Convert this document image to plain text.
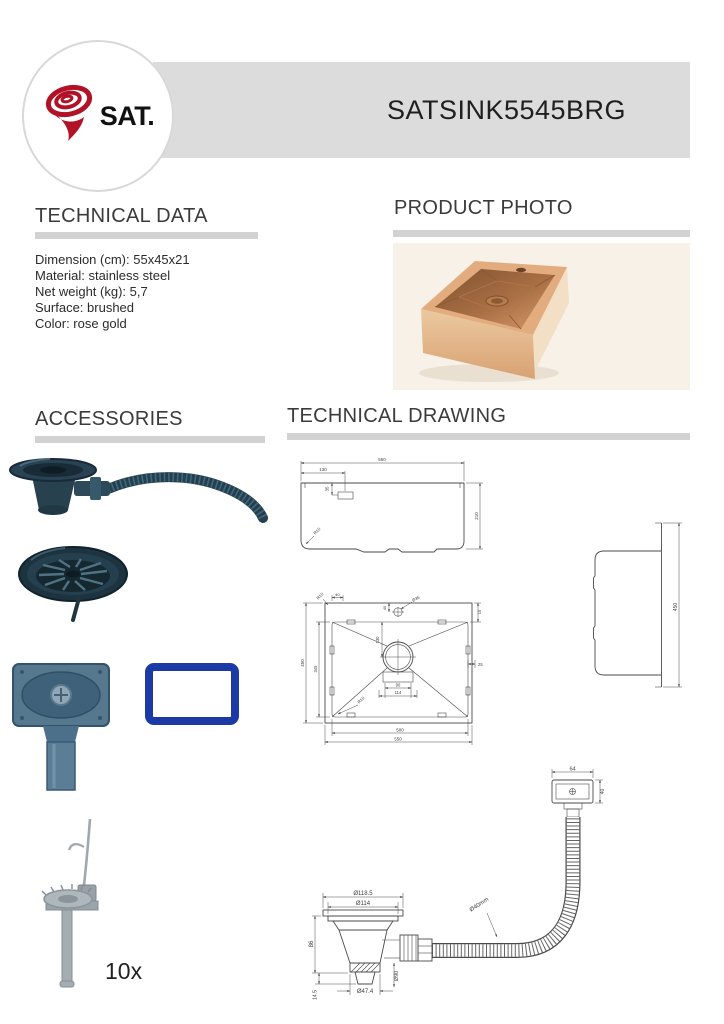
SATSINK5545BRG
SAT.
TECHNICAL DATA
Dimension (cm): 55x45x21
Material: stainless steel
Net weight (kg): 5,7
Surface: brushed
Color: rose gold
PRODUCT PHOTO
ACCESSORIES
10x
TECHNICAL DRAWING
550
130
35
210
R10
Ø35
40
130
90
114
450
345
500
550
25
R10	40
15
R10
450
64
40
Ø40mm
Ø118.5
Ø114
86
14.5	Ø47.4
Ø90
